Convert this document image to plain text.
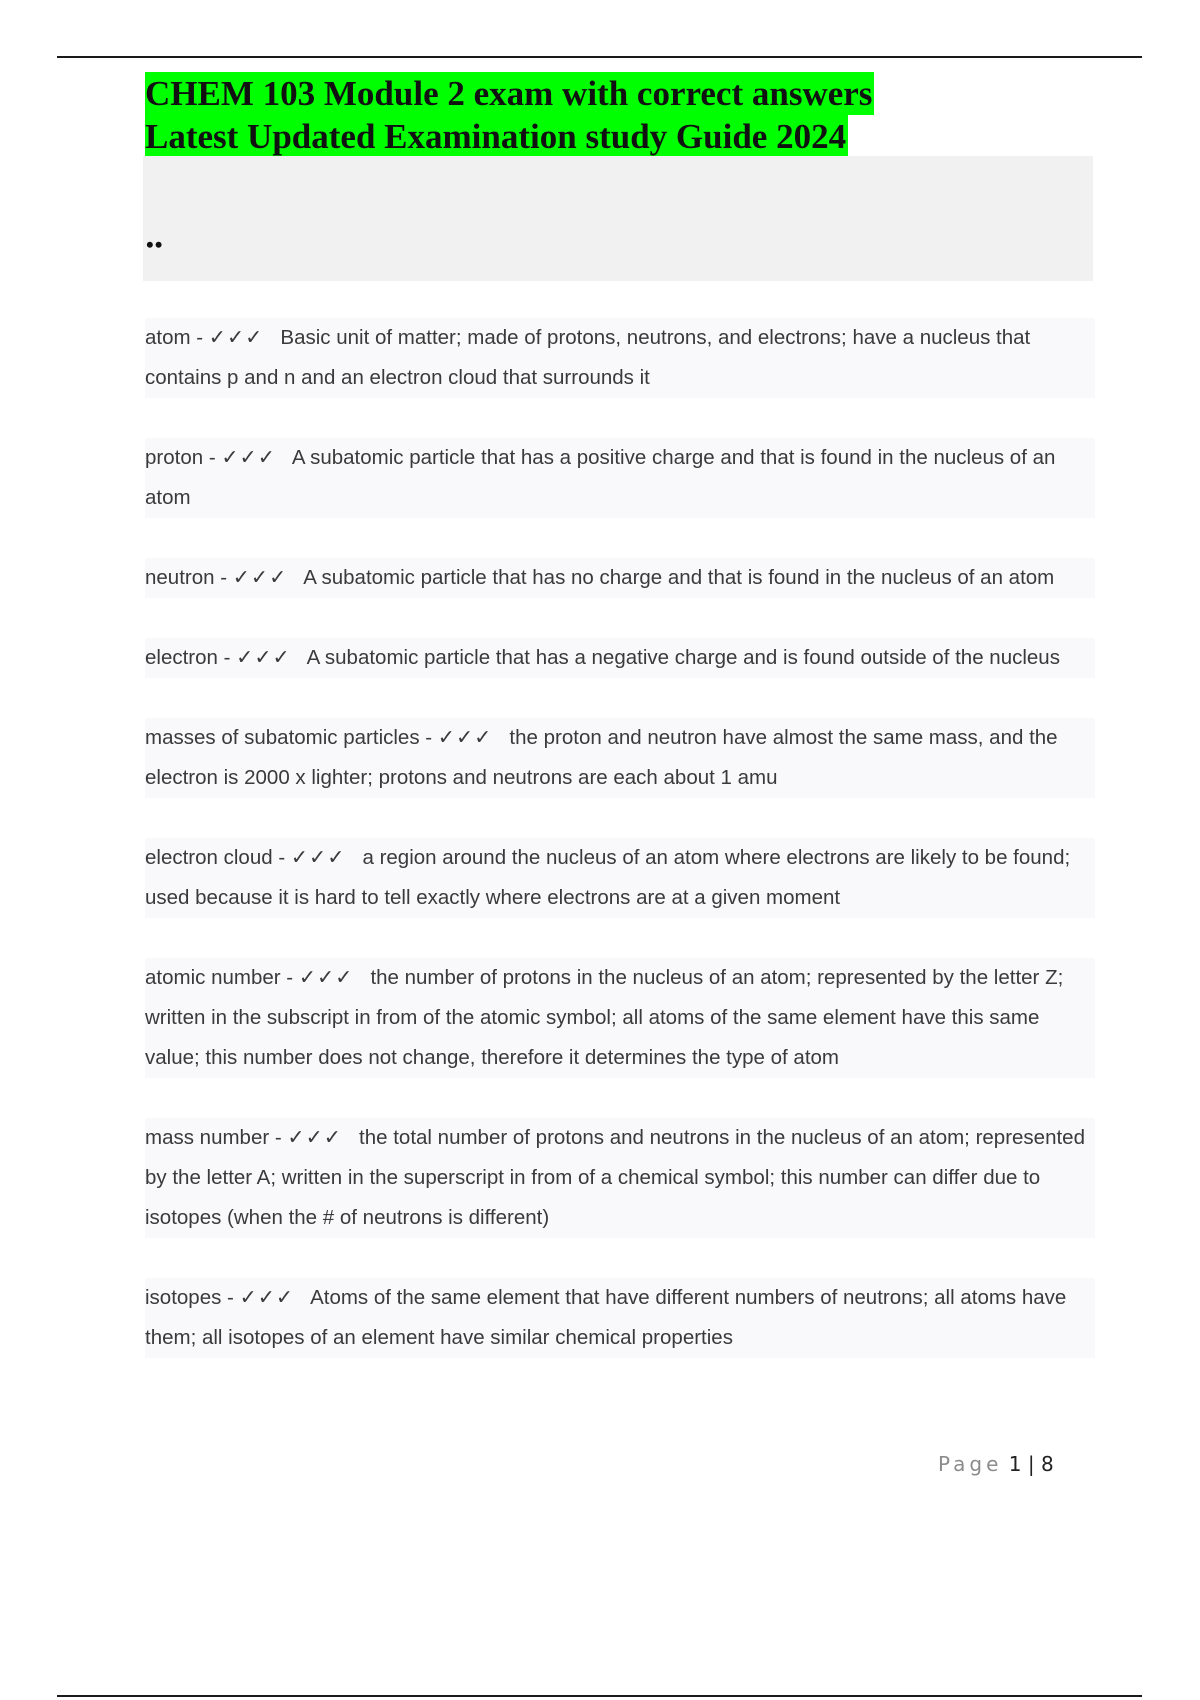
CHEM 103 Module 2 exam with correct answers
Latest Updated Examination study Guide 2024
••
atom - ✓✓✓ Basic unit of matter; made of protons, neutrons, and electrons; have a nucleus that contains p and n and an electron cloud that surrounds it
proton - ✓✓✓ A subatomic particle that has a positive charge and that is found in the nucleus of an atom
neutron - ✓✓✓ A subatomic particle that has no charge and that is found in the nucleus of an atom
electron - ✓✓✓ A subatomic particle that has a negative charge and is found outside of the nucleus
masses of subatomic particles - ✓✓✓ the proton and neutron have almost the same mass, and the electron is 2000 x lighter; protons and neutrons are each about 1 amu
electron cloud - ✓✓✓ a region around the nucleus of an atom where electrons are likely to be found; used because it is hard to tell exactly where electrons are at a given moment
atomic number - ✓✓✓ the number of protons in the nucleus of an atom; represented by the letter Z; written in the subscript in from of the atomic symbol; all atoms of the same element have this same value; this number does not change, therefore it determines the type of atom
mass number - ✓✓✓ the total number of protons and neutrons in the nucleus of an atom; represented by the letter A; written in the superscript in from of a chemical symbol; this number can differ due to isotopes (when the # of neutrons is different)
isotopes - ✓✓✓ Atoms of the same element that have different numbers of neutrons; all atoms have them; all isotopes of an element have similar chemical properties
Page 1 | 8
